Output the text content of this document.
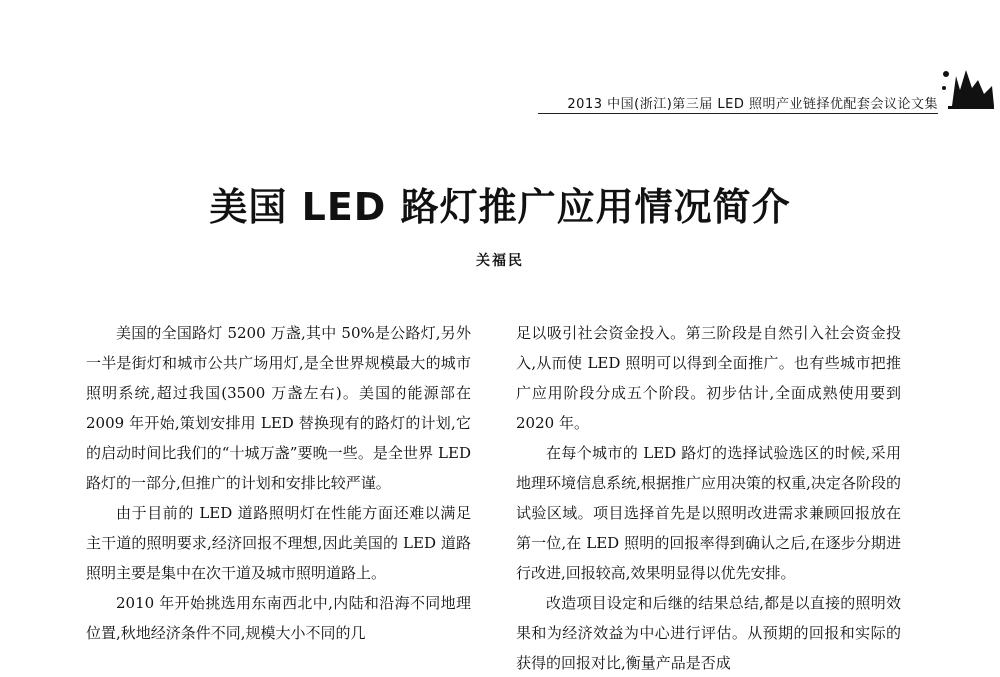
2013 中国(浙江)第三届 LED 照明产业链择优配套会议论文集
美国 LED 路灯推广应用情况简介
关福民

美国的全国路灯 5200 万盏,其中 50%是公路灯,另外一半是街灯和城市公共广场用灯,是全世界规模最大的城市照明系统,超过我国(3500 万盏左右)。美国的能源部在 2009 年开始,策划安排用 LED 替换现有的路灯的计划,它的启动时间比我们的“十城万盏”要晚一些。是全世界 LED 路灯的一部分,但推广的计划和安排比较严谨。

由于目前的 LED 道路照明灯在性能方面还难以满足主干道的照明要求,经济回报不理想,因此美国的 LED 道路照明主要是集中在次干道及城市照明道路上。

2010 年开始挑选用东南西北中,内陆和沿海不同地理位置,秋地经济条件不同,规模大小不同的几

足以吸引社会资金投入。第三阶段是自然引入社会资金投入,从而使 LED 照明可以得到全面推广。也有些城市把推广应用阶段分成五个阶段。初步估计,全面成熟使用要到 2020 年。

在每个城市的 LED 路灯的选择试验选区的时候,采用地理环境信息系统,根据推广应用决策的权重,决定各阶段的试验区域。项目选择首先是以照明改进需求兼顾回报放在第一位,在 LED 照明的回报率得到确认之后,在逐步分期进行改进,回报较高,效果明显得以优先安排。

改造项目设定和后继的结果总结,都是以直接的照明效果和为经济效益为中心进行评估。从预期的回报和实际的获得的回报对比,衡量产品是否成
